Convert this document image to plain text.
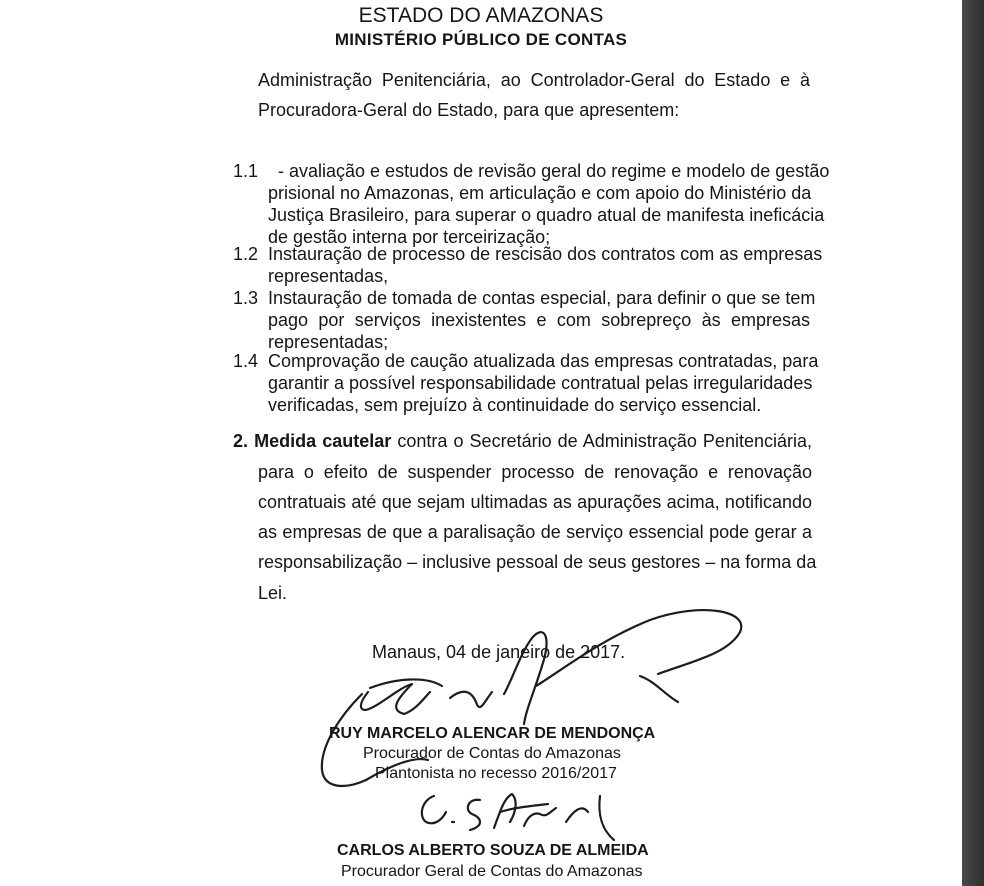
ESTADO DO AMAZONAS
MINISTÉRIO PÚBLICO DE CONTAS
Administração Penitenciária, ao Controlador-Geral do Estado e à
Procuradora-Geral do Estado, para que apresentem:
1.1 - avaliação e estudos de revisão geral do regime e modelo de gestão
prisional no Amazonas, em articulação e com apoio do Ministério da
Justiça Brasileiro, para superar o quadro atual de manifesta ineficácia
de gestão interna por terceirização;
1.2 Instauração de processo de rescisão dos contratos com as empresas
representadas,
1.3 Instauração de tomada de contas especial, para definir o que se tem
pago por serviços inexistentes e com sobrepreço às empresas
representadas;
1.4 Comprovação de caução atualizada das empresas contratadas, para
garantir a possível responsabilidade contratual pelas irregularidades
verificadas, sem prejuízo à continuidade do serviço essencial.
2. Medida cautelar contra o Secretário de Administração Penitenciária,
para o efeito de suspender processo de renovação e renovação
contratuais até que sejam ultimadas as apurações acima, notificando
as empresas de que a paralisação de serviço essencial pode gerar a
responsabilização – inclusive pessoal de seus gestores – na forma da
Lei.
Manaus, 04 de janeiro de 2017.
RUY MARCELO ALENCAR DE MENDONÇA
Procurador de Contas do Amazonas
Plantonista no recesso 2016/2017
CARLOS ALBERTO SOUZA DE ALMEIDA
Procurador Geral de Contas do Amazonas
